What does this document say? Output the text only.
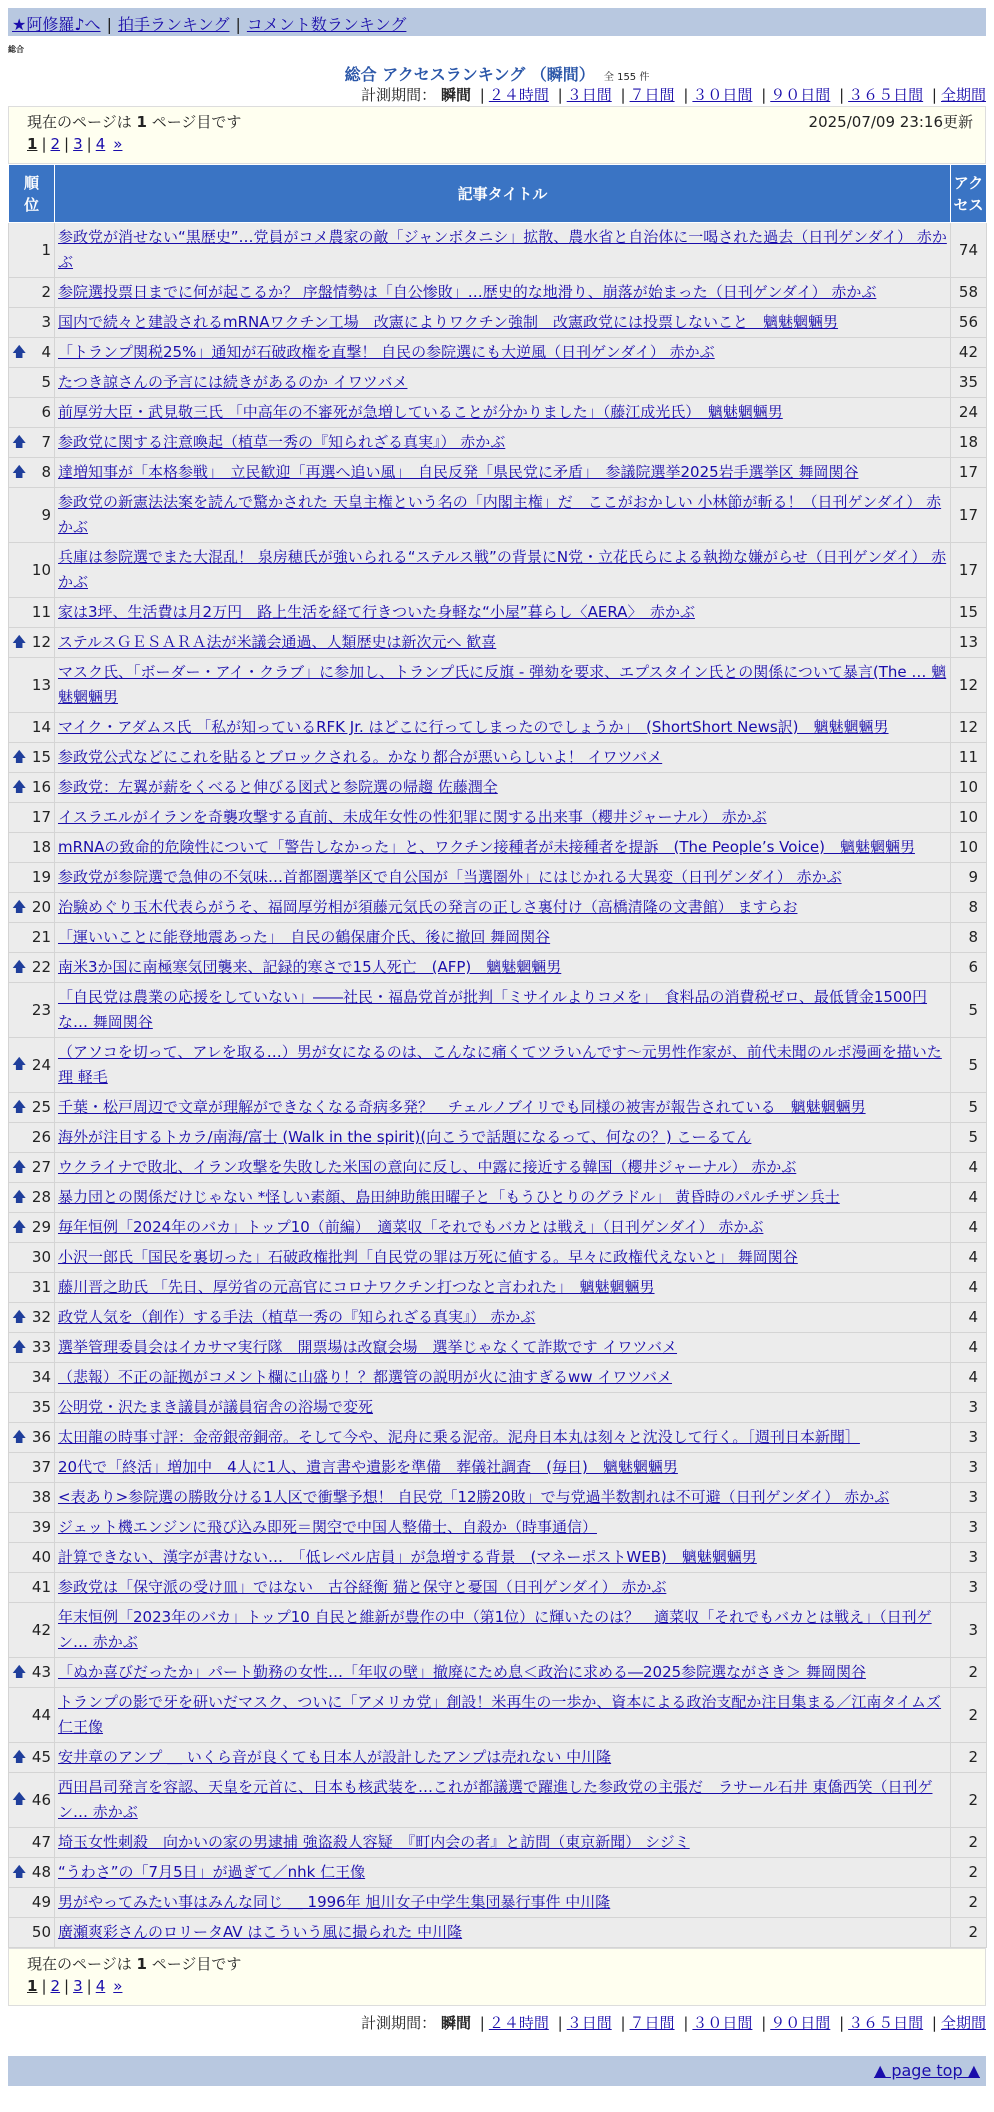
★阿修羅♪へ | 拍手ランキング | コメント数ランキング
総合
総合 アクセスランキング （瞬間） 全 155 件
計測期間： 瞬間 | ２４時間 | ３日間 | ７日間 | ３０日間 | ９０日間 | ３６５日間 | 全期間
現在のページは 1 ページ目です	2025/07/09 23:16更新
1 | 2 | 3 | 4 »
順位	記事タイトル	アクセス
1	参政党が消せない“黒歴史”…党員がコメ農家の敵「ジャンボタニシ」拡散、農水省と自治体に一喝された過去（日刊ゲンダイ） 赤かぶ	74
2	参院選投票日までに何が起こるか？ 序盤情勢は「自公惨敗」…歴史的な地滑り、崩落が始まった（日刊ゲンダイ） 赤かぶ	58
3	国内で続々と建設されるmRNAワクチン工場　改憲によりワクチン強制　改憲政党には投票しないこと　魑魅魍魎男	56

🡅 4	「トランプ関税25%」通知が石破政権を直撃！ 自民の参院選にも大逆風（日刊ゲンダイ） 赤かぶ	42
5	たつき諒さんの予言には続きがあるのか イワツバメ	35
6	前厚労大臣・武見敬三氏 「中高年の不審死が急増していることが分かりました」（藤江成光氏）　魑魅魍魎男	24

🡅 7	参政党に関する注意喚起（植草一秀の『知られざる真実』） 赤かぶ	18

🡅 8	達増知事が「本格参戦」　立民歓迎「再選へ追い風」　自民反発「県民党に矛盾」　参議院選挙2025岩手選挙区 舞岡関谷	17
9	参政党の新憲法法案を読んで驚かされた 天皇主権という名の「内閣主権」だ　ここがおかしい 小林節が斬る！（日刊ゲンダイ） 赤かぶ	17
10	兵庫は参院選でまた大混乱！ 泉房穂氏が強いられる“ステルス戦”の背景にN党・立花氏らによる執拗な嫌がらせ（日刊ゲンダイ） 赤かぶ	17
11	家は3坪、生活費は月2万円　路上生活を経て行きついた身軽な“小屋”暮らし〈AERA〉　赤かぶ	15

🡅 12	ステルスＧＥＳＡＲＡ法が米議会通過、人類歴史は新次元へ 歓喜	13
13	マスク氏、「ボーダー・アイ・クラブ」に参加し、トランプ氏に反旗 - 弾劾を要求、エプスタイン氏との関係について暴言(The … 魑魅魍魎男	12
14	マイク・アダムス氏 「私が知っているRFK Jr. はどこに行ってしまったのでしょうか」　(ShortShort News訳)　魑魅魍魎男	12

🡅 15	参政党公式などにこれを貼るとブロックされる。かなり都合が悪いらしいよ！ イワツバメ	11

🡅 16	参政党：左翼が薪をくべると伸びる図式と参院選の帰趨 佐藤潤全	10
17	イスラエルがイランを奇襲攻撃する直前、未成年女性の性犯罪に関する出来事（櫻井ジャーナル） 赤かぶ	10
18	mRNAの致命的危険性について「警告しなかった」と、ワクチン接種者が未接種者を提訴　(The People’s Voice)　魑魅魍魎男	10
19	参政党が参院選で急伸の不気味…首都圏選挙区で自公国が「当選圏外」にはじかれる大異変（日刊ゲンダイ） 赤かぶ	9

🡅 20	治験めぐり玉木代表らがうそ、福岡厚労相が須藤元気氏の発言の正しさ裏付け（高橋清隆の文書館） ますらお	8
21	「運いいことに能登地震あった」　自民の鶴保庸介氏、後に撤回 舞岡関谷	8

🡅 22	南米3か国に南極寒気団襲来、記録的寒さで15人死亡　(AFP)　魑魅魍魎男	6
23	「自民党は農業の応援をしていない」――社民・福島党首が批判「ミサイルよりコメを」　食料品の消費税ゼロ、最低賃金1500円な… 舞岡関谷	5

🡅 24	（アソコを切って、アレを取る…）男が女になるのは、こんなに痛くてツラいんです〜元男性作家が、前代未聞のルポ漫画を描いた理 軽毛	5

🡅 25	千葉・松戸周辺で文章が理解ができなくなる奇病多発？　チェルノブイリでも同様の被害が報告されている　魑魅魍魎男	5
26	海外が注目するトカラ/南海/富士 (Walk in the spirit)(向こうで話題になるって、何なの？) こーるてん	5

🡅 27	ウクライナで敗北、イラン攻撃を失敗した米国の意向に反し、中露に接近する韓国（櫻井ジャーナル） 赤かぶ	4

🡅 28	暴力団との関係だけじゃない *怪しい素顔、島田紳助熊田曜子と「もうひとりのグラドル」 黄昏時のパルチザン兵士	4

🡅 29	毎年恒例「2024年のバカ」トップ10（前編）　適菜収「それでもバカとは戦え」（日刊ゲンダイ） 赤かぶ	4
30	小沢一郎氏「国民を裏切った」石破政権批判「自民党の罪は万死に値する。早々に政権代えないと」 舞岡関谷	4
31	藤川晋之助氏 「先日、厚労省の元高官にコロナワクチン打つなと言われた」　魑魅魍魎男	4

🡅 32	政党人気を（創作）する手法（植草一秀の『知られざる真実』） 赤かぶ	4

🡅 33	選挙管理委員会はイカサマ実行隊　開票場は改竄会場　選挙じゃなくて詐欺です イワツバメ	4
34	（悲報）不正の証拠がコメント欄に山盛り！？都選管の説明が火に油すぎるww イワツバメ	4
35	公明党・沢たまき議員が議員宿舎の浴場で変死	3

🡅 36	太田龍の時事寸評：金帝銀帝銅帝。そして今や、泥舟に乗る泥帝。泥舟日本丸は刻々と沈没して行く。［週刊日本新聞］	3
37	20代で「終活」増加中　4人に1人、遺言書や遺影を準備　葬儀社調査　(毎日)　魑魅魍魎男	3
38	<表あり>参院選の勝敗分ける1人区で衝撃予想！ 自民党「12勝20敗」で与党過半数割れは不可避（日刊ゲンダイ） 赤かぶ	3
39	ジェット機エンジンに飛び込み即死＝関空で中国人整備士、自殺か（時事通信）	3
40	計算できない、漢字が書けない…　「低レベル店員」が急増する背景　(マネーポストWEB)　魑魅魍魎男	3
41	参政党は「保守派の受け皿」ではない　古谷経衡 猫と保守と憂国（日刊ゲンダイ） 赤かぶ	3
42	年末恒例「2023年のバカ」トップ10 自民と維新が豊作の中（第1位）に輝いたのは？　適菜収「それでもバカとは戦え」（日刊ゲン… 赤かぶ	3

🡅 43	「ぬか喜びだったか」パート勤務の女性…「年収の壁」撤廃にため息＜政治に求める―2025参院選ながさき＞ 舞岡関谷	2
44	トランプの影で牙を研いだマスク、ついに「アメリカ党」創設！米再生の一歩か、資本による政治支配か注目集まる／江南タイムズ 仁王像	2

🡅 45	安井章のアンプ ＿ いくら音が良くても日本人が設計したアンプは売れない 中川隆	2

🡅 46	西田昌司発言を容認、天皇を元首に、日本も核武装を…これが都議選で躍進した参政党の主張だ　ラサール石井 東僑西笑（日刊ゲン… 赤かぶ	2
47	埼玉女性刺殺　向かいの家の男逮捕 強盗殺人容疑　『町内会の者』と訪問（東京新聞） シジミ	2

🡅 48	“うわさ”の「7月5日」が過ぎて／nhk 仁王像	2
49	男がやってみたい事はみんな同じ ＿ 1996年 旭川女子中学生集団暴行事件 中川隆	2
50	廣瀬爽彩さんのロリータAV はこういう風に撮られた 中川隆	2
現在のページは 1 ページ目です
1 | 2 | 3 | 4 »
計測期間： 瞬間 | ２４時間 | ３日間 | ７日間 | ３０日間 | ９０日間 | ３６５日間 | 全期間
▲ page top ▲
